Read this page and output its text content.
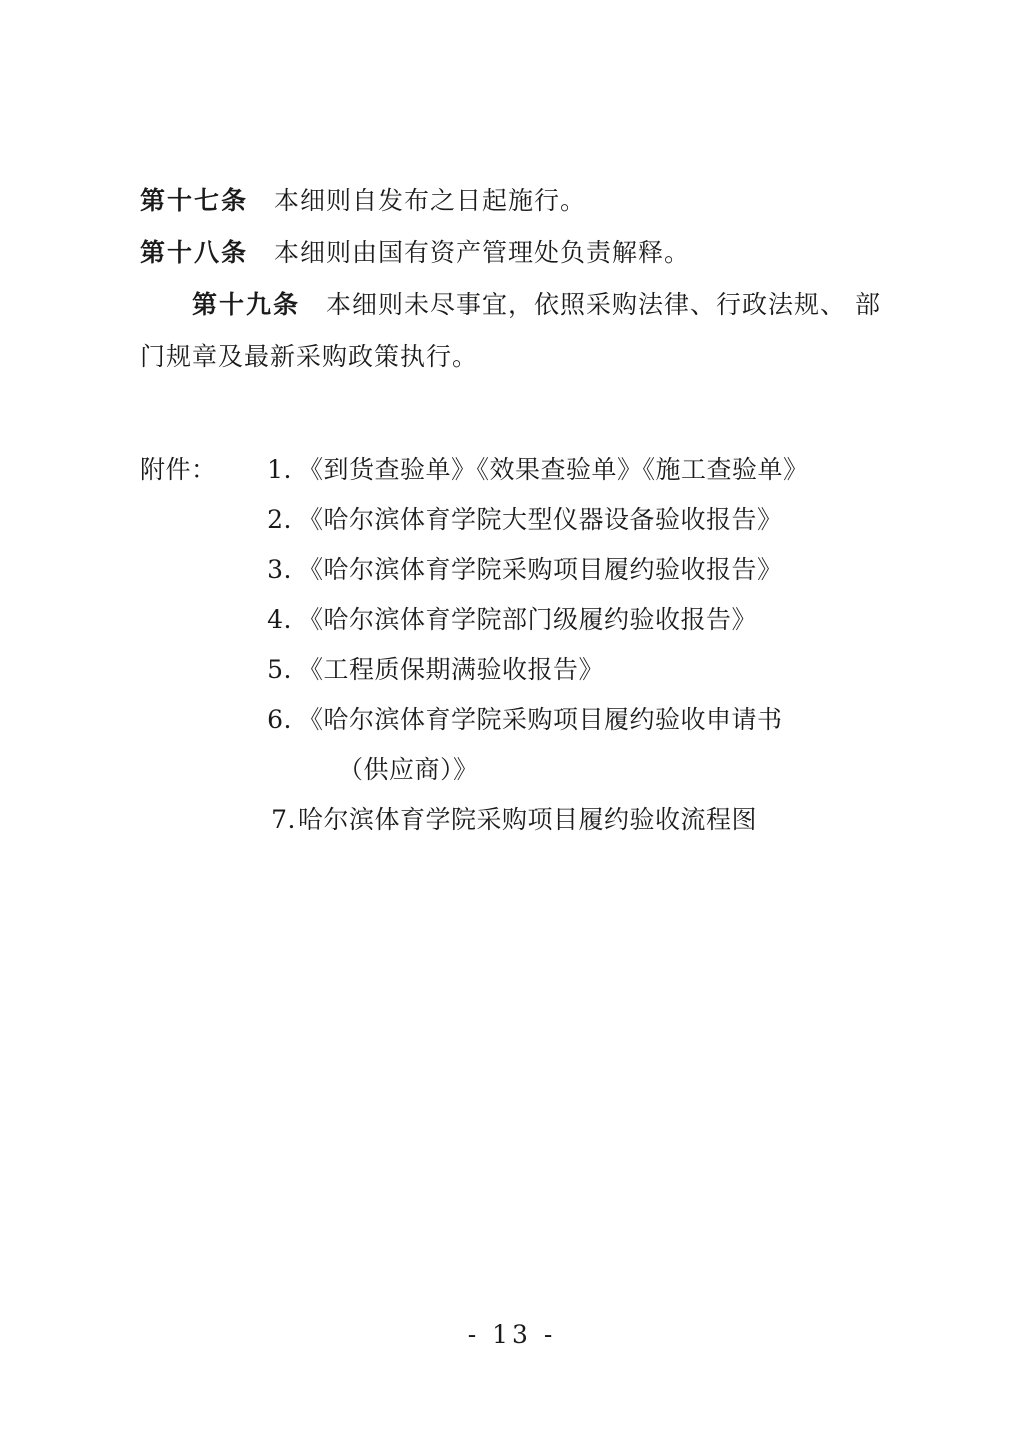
第十七条 本细则自发布之日起施行。
第十八条 本细则由国有资产管理处负责解释。
第十九条 本细则未尽事宜，依照采购法律、行政法规、 部
门规章及最新采购政策执行。
附件：	1. 《到货查验单》《效果查验单》《施工查验单》
2. 《哈尔滨体育学院大型仪器设备验收报告》
3. 《哈尔滨体育学院采购项目履约验收报告》
4. 《哈尔滨体育学院部门级履约验收报告》
5. 《工程质保期满验收报告》
6. 《哈尔滨体育学院采购项目履约验收申请书
（供应商）》
7. 哈尔滨体育学院采购项目履约验收流程图
- 13 -
